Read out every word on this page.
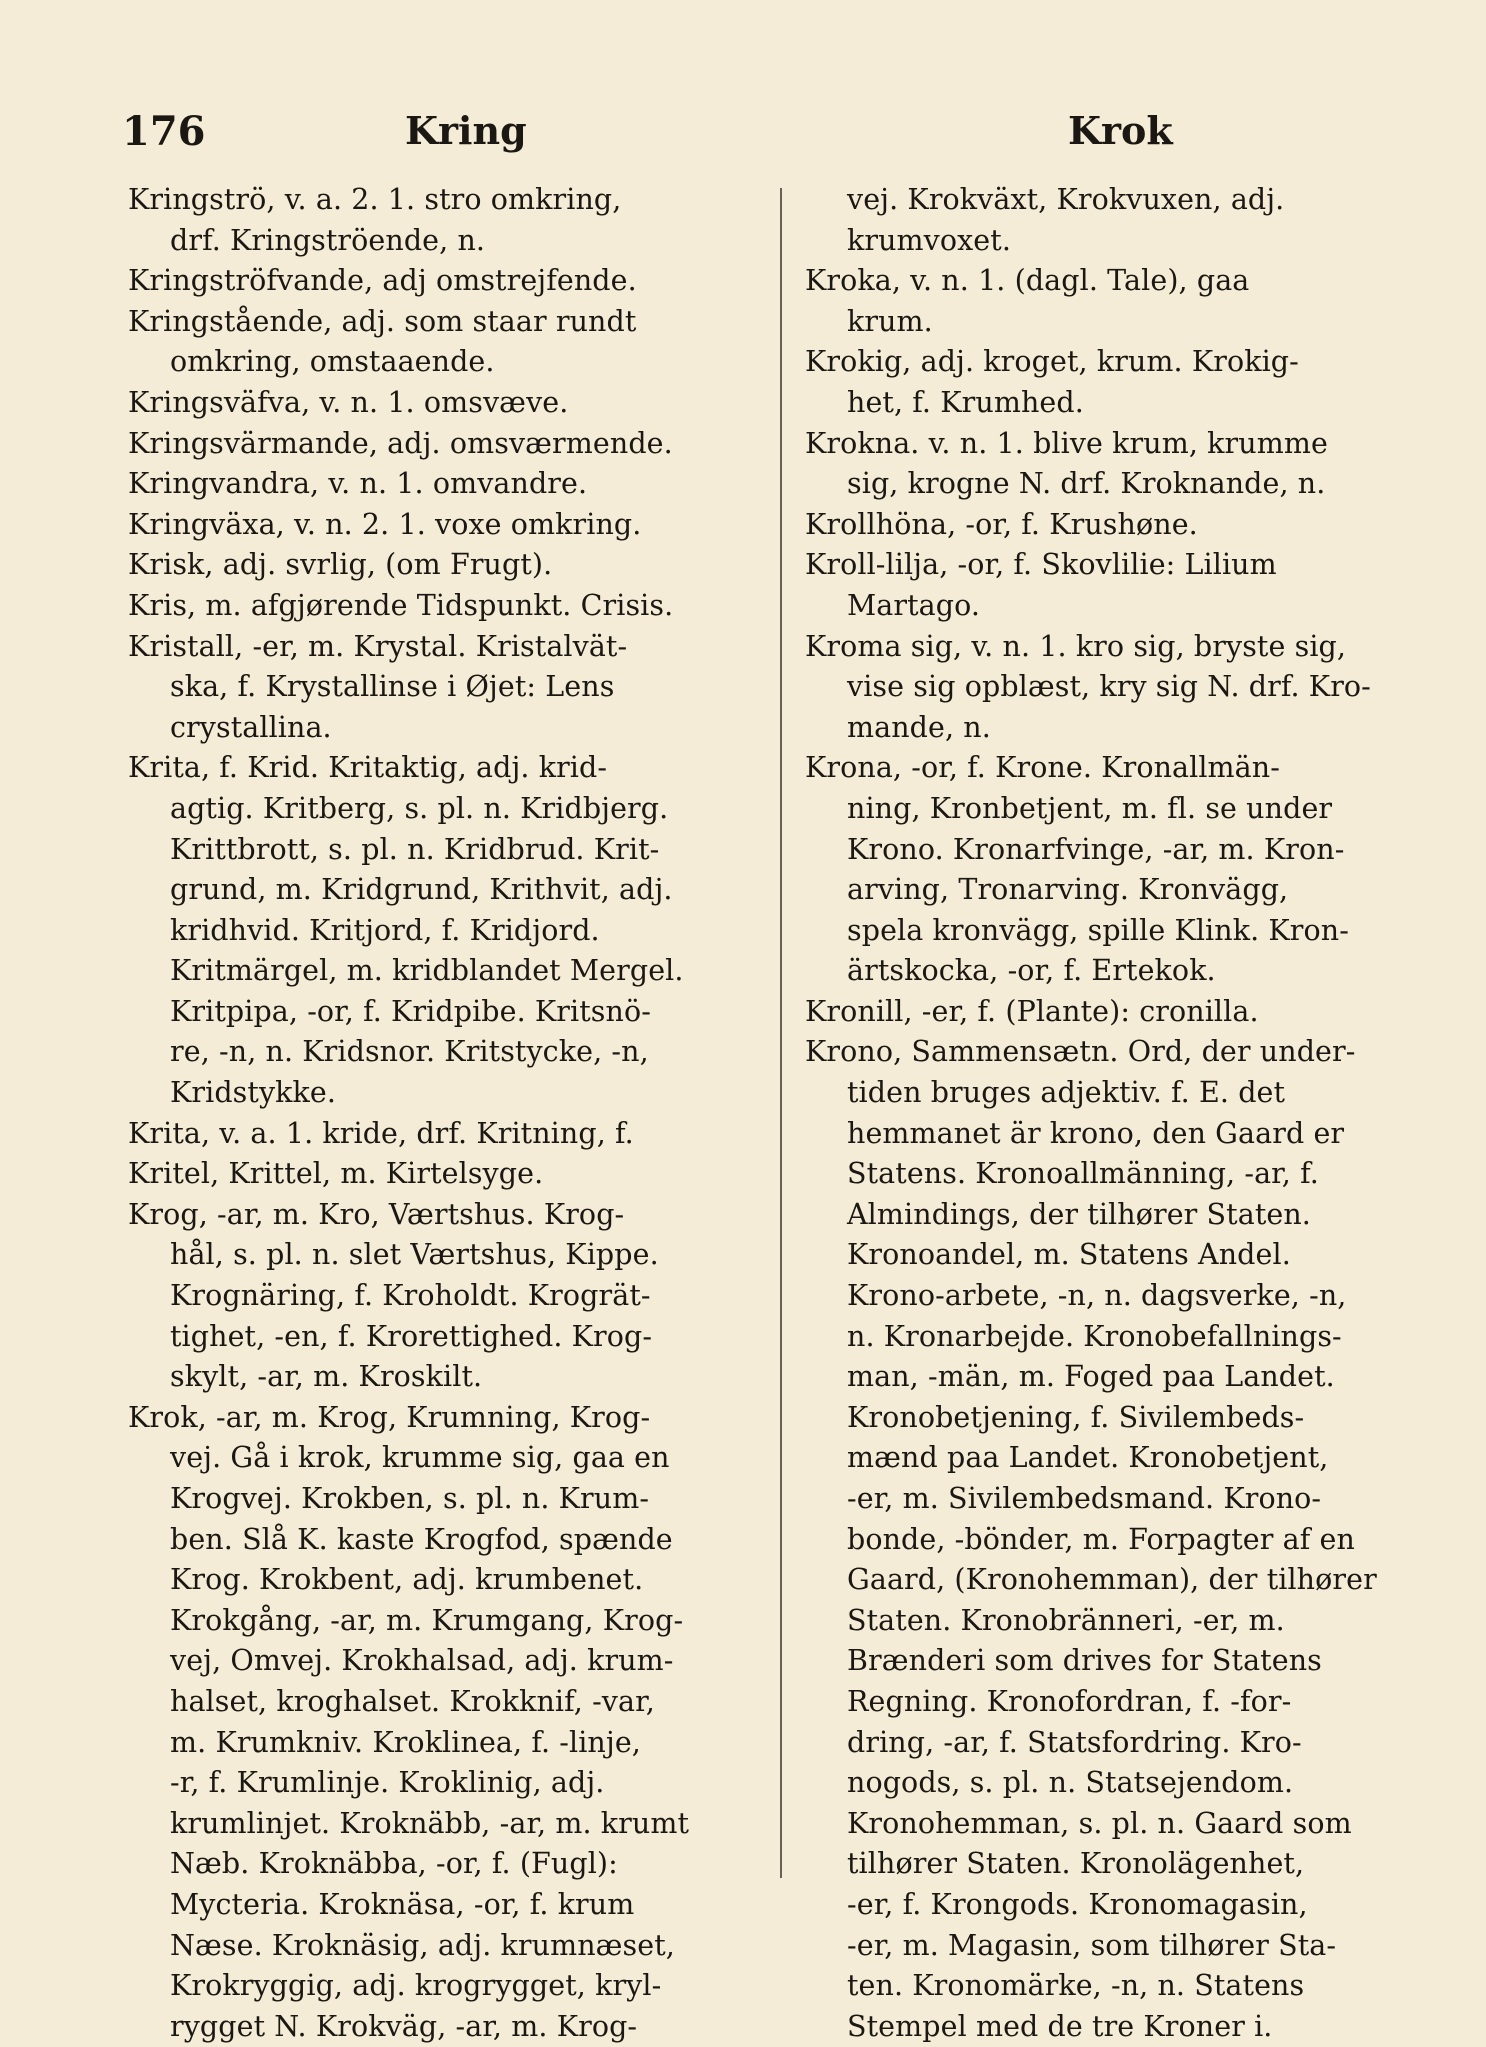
176	Kring	Krok
Kringströ, v. a. 2. 1. stro omkring,
drf. Kringströende, n.
Kringströfvande, adj omstrejfende.
Kringstående, adj. som staar rundt
omkring, omstaaende.
Kringsväfva, v. n. 1. omsvæve.
Kringsvärmande, adj. omsværmende.
Kringvandra, v. n. 1. omvandre.
Kringväxa, v. n. 2. 1. voxe omkring.
Krisk, adj. svrlig, (om Frugt).
Kris, m. afgjørende Tidspunkt. Crisis.
Kristall, -er, m. Krystal. Kristalvät-
ska, f. Krystallinse i Øjet: Lens
crystallina.
Krita, f. Krid. Kritaktig, adj. krid-
agtig. Kritberg, s. pl. n. Kridbjerg.
Krittbrott, s. pl. n. Kridbrud. Krit-
grund, m. Kridgrund, Krithvit, adj.
kridhvid. Kritjord, f. Kridjord.
Kritmärgel, m. kridblandet Mergel.
Kritpipa, -or, f. Kridpibe. Kritsnö-
re, -n, n. Kridsnor. Kritstycke, -n,
Kridstykke.
Krita, v. a. 1. kride, drf. Kritning, f.
Kritel, Krittel, m. Kirtelsyge.
Krog, -ar, m. Kro, Værtshus. Krog-
hål, s. pl. n. slet Værtshus, Kippe.
Krognäring, f. Kroholdt. Krogrät-
tighet, -en, f. Krorettighed. Krog-
skylt, -ar, m. Kroskilt.
Krok, -ar, m. Krog, Krumning, Krog-
vej. Gå i krok, krumme sig, gaa en
Krogvej. Krokben, s. pl. n. Krum-
ben. Slå K. kaste Krogfod, spænde
Krog. Krokbent, adj. krumbenet.
Krokgång, -ar, m. Krumgang, Krog-
vej, Omvej. Krokhalsad, adj. krum-
halset, kroghalset. Krokknif, -var,
m. Krumkniv. Kroklinea, f. -linje,
-r, f. Krumlinje. Kroklinig, adj.
krumlinjet. Kroknäbb, -ar, m. krumt
Næb. Kroknäbba, -or, f. (Fugl):
Mycteria. Kroknäsa, -or, f. krum
Næse. Kroknäsig, adj. krumnæset,
Krokryggig, adj. krogrygget, kryl-
rygget N. Krokväg, -ar, m. Krog-
vej. Krokväxt, Krokvuxen, adj.
krumvoxet.
Kroka, v. n. 1. (dagl. Tale), gaa
krum.
Krokig, adj. kroget, krum. Krokig-
het, f. Krumhed.
Krokna. v. n. 1. blive krum, krumme
sig, krogne N. drf. Kroknande, n.
Krollhöna, -or, f. Krushøne.
Kroll-lilja, -or, f. Skovlilie: Lilium
Martago.
Kroma sig, v. n. 1. kro sig, bryste sig,
vise sig opblæst, kry sig N. drf. Kro-
mande, n.
Krona, -or, f. Krone. Kronallmän-
ning, Kronbetjent, m. fl. se under
Krono. Kronarfvinge, -ar, m. Kron-
arving, Tronarving. Kronvägg,
spela kronvägg, spille Klink. Kron-
ärtskocka, -or, f. Ertekok.
Kronill, -er, f. (Plante): cronilla.
Krono, Sammensætn. Ord, der under-
tiden bruges adjektiv. f. E. det
hemmanet är krono, den Gaard er
Statens. Kronoallmänning, -ar, f.
Almindings, der tilhører Staten.
Kronoandel, m. Statens Andel.
Krono-arbete, -n, n. dagsverke, -n,
n. Kronarbejde. Kronobefallnings-
man, -män, m. Foged paa Landet.
Kronobetjening, f. Sivilembeds-
mænd paa Landet. Kronobetjent,
-er, m. Sivilembedsmand. Krono-
bonde, -bönder, m. Forpagter af en
Gaard, (Kronohemman), der tilhører
Staten. Kronobränneri, -er, m.
Brænderi som drives for Statens
Regning. Kronofordran, f. -for-
dring, -ar, f. Statsfordring. Kro-
nogods, s. pl. n. Statsejendom.
Kronohemman, s. pl. n. Gaard som
tilhører Staten. Kronolägenhet,
-er, f. Krongods. Kronomagasin,
-er, m. Magasin, som tilhører Sta-
ten. Kronomärke, -n, n. Statens
Stempel med de tre Kroner i.
